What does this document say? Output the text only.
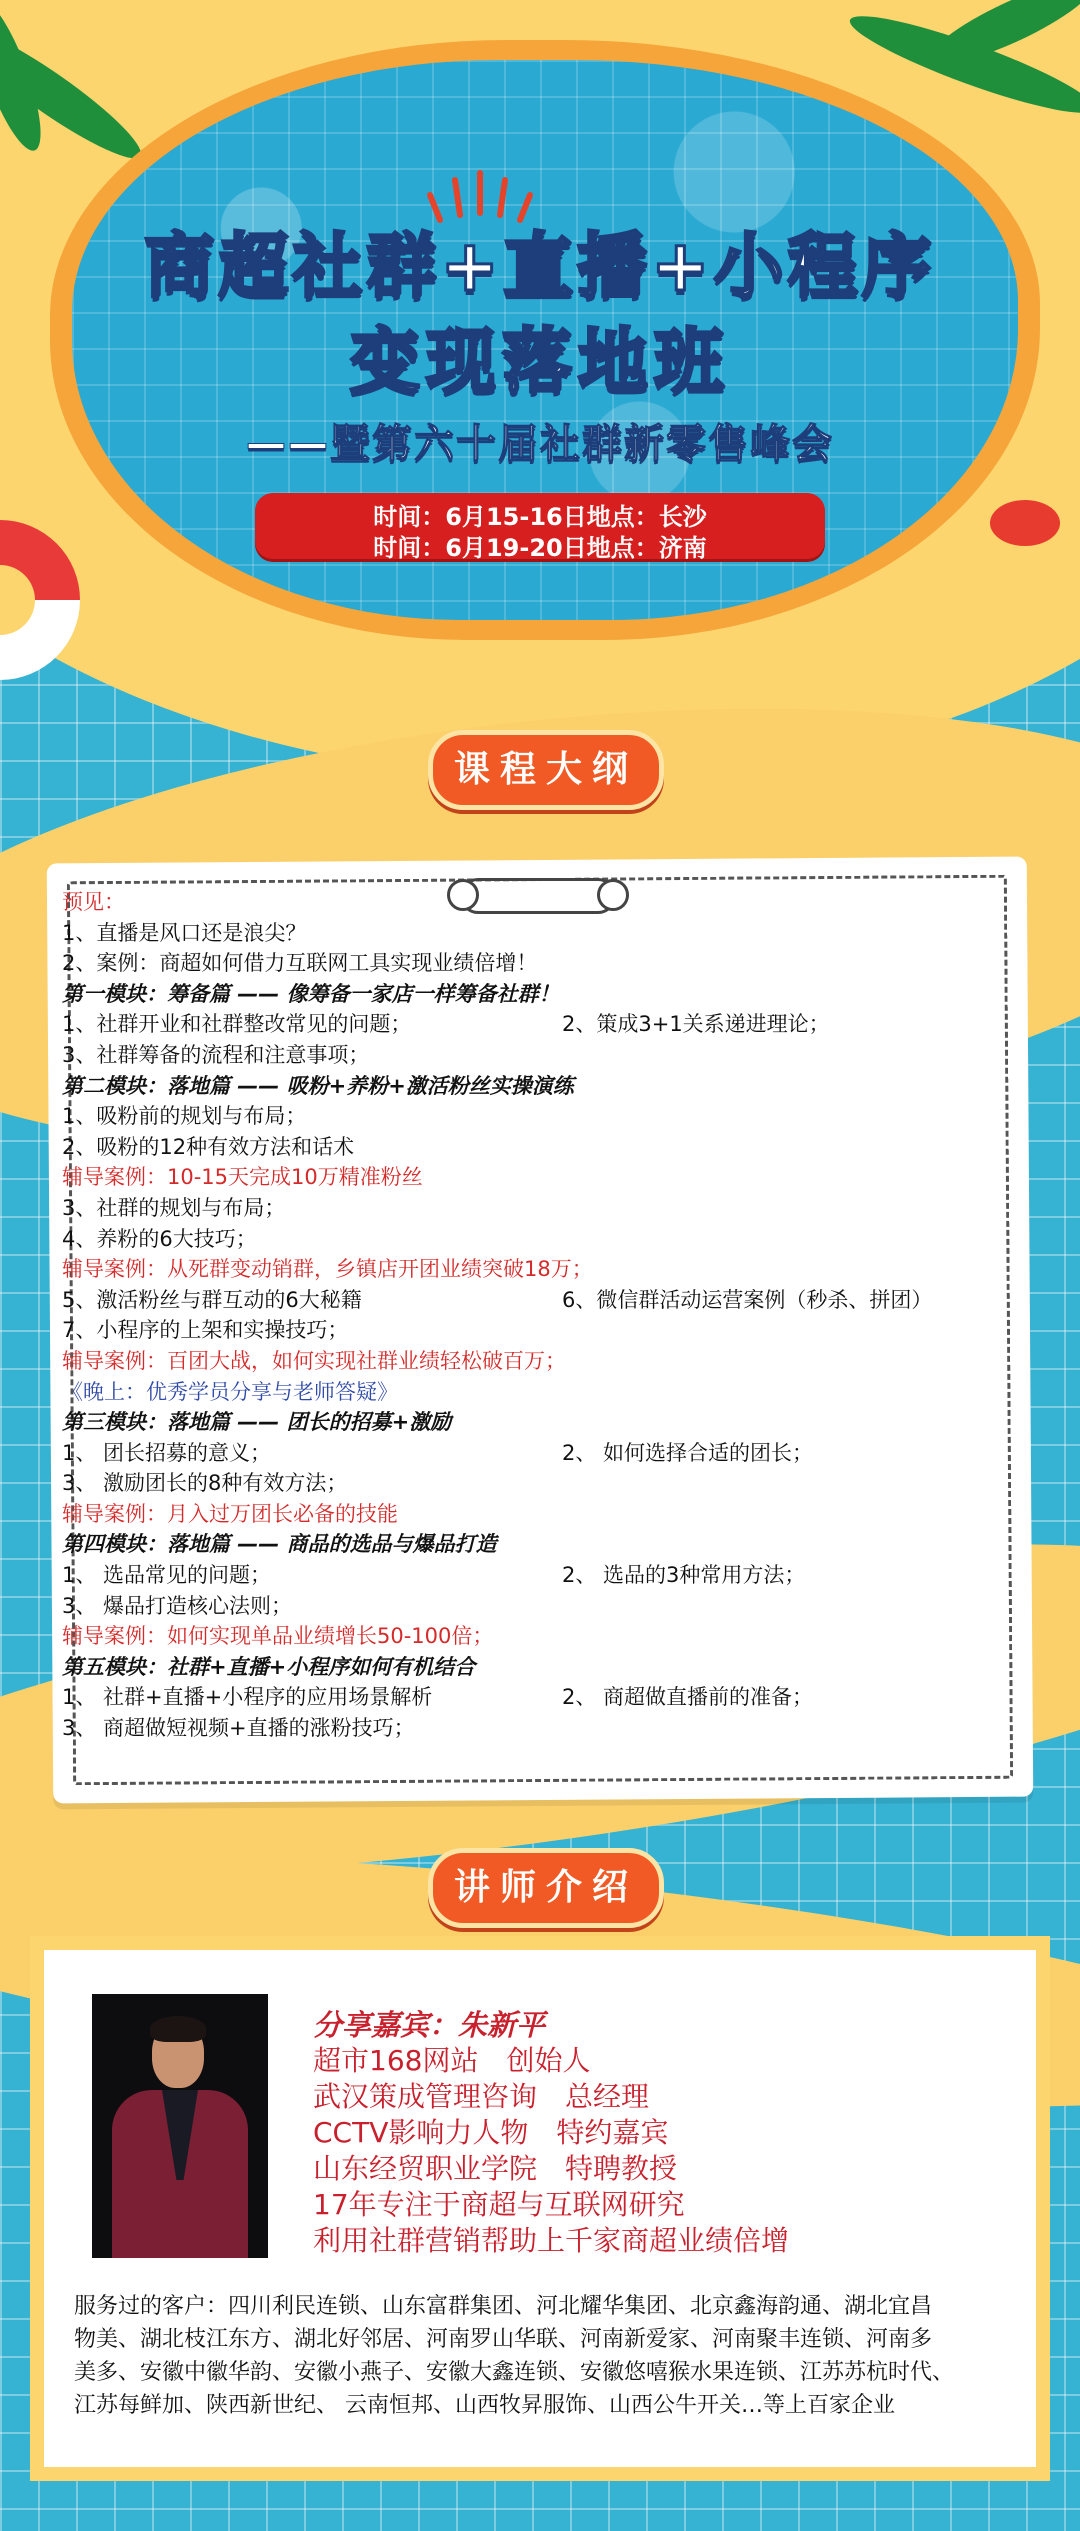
商超社群+直播+小程序
变现落地班
——暨第六十届社群新零售峰会
时间：6月15-16日地点：长沙
时间：6月19-20日地点：济南
课程大纲
预见：
1、直播是风口还是浪尖？
2、案例：商超如何借力互联网工具实现业绩倍增！
第一模块：筹备篇 —— 像筹备一家店一样筹备社群！
1、社群开业和社群整改常见的问题；	2、策成3+1关系递进理论；
3、社群筹备的流程和注意事项；
第二模块：落地篇 —— 吸粉+养粉+激活粉丝实操演练
1、吸粉前的规划与布局；
2、吸粉的12种有效方法和话术
辅导案例：10-15天完成10万精准粉丝
3、社群的规划与布局；
4、养粉的6大技巧；
辅导案例：从死群变动销群，乡镇店开团业绩突破18万；
5、激活粉丝与群互动的6大秘籍	6、微信群活动运营案例（秒杀、拼团）
7、小程序的上架和实操技巧；
辅导案例：百团大战，如何实现社群业绩轻松破百万；
《晚上：优秀学员分享与老师答疑》
第三模块：落地篇 —— 团长的招募+激励
1、 团长招募的意义；	2、 如何选择合适的团长；
3、 激励团长的8种有效方法；
辅导案例：月入过万团长必备的技能
第四模块：落地篇 —— 商品的选品与爆品打造
1、 选品常见的问题；	2、 选品的3种常用方法；
3、 爆品打造核心法则；
辅导案例：如何实现单品业绩增长50-100倍；
第五模块：社群+直播+小程序如何有机结合
1、 社群+直播+小程序的应用场景解析	2、 商超做直播前的准备；
3、 商超做短视频+直播的涨粉技巧；
讲师介绍
分享嘉宾：朱新平
超市168网站　创始人
武汉策成管理咨询　总经理
CCTV影响力人物　特约嘉宾
山东经贸职业学院　特聘教授
17年专注于商超与互联网研究
利用社群营销帮助上千家商超业绩倍增
服务过的客户：四川利民连锁、山东富群集团、河北耀华集团、北京鑫海韵通、湖北宜昌
物美、湖北枝江东方、湖北好邻居、河南罗山华联、河南新爱家、河南聚丰连锁、河南多
美多、安徽中徽华韵、安徽小燕子、安徽大鑫连锁、安徽悠嘻猴水果连锁、江苏苏杭时代、
江苏每鲜加、陕西新世纪、 云南恒邦、山西牧昇服饰、山西公牛开关…等上百家企业
